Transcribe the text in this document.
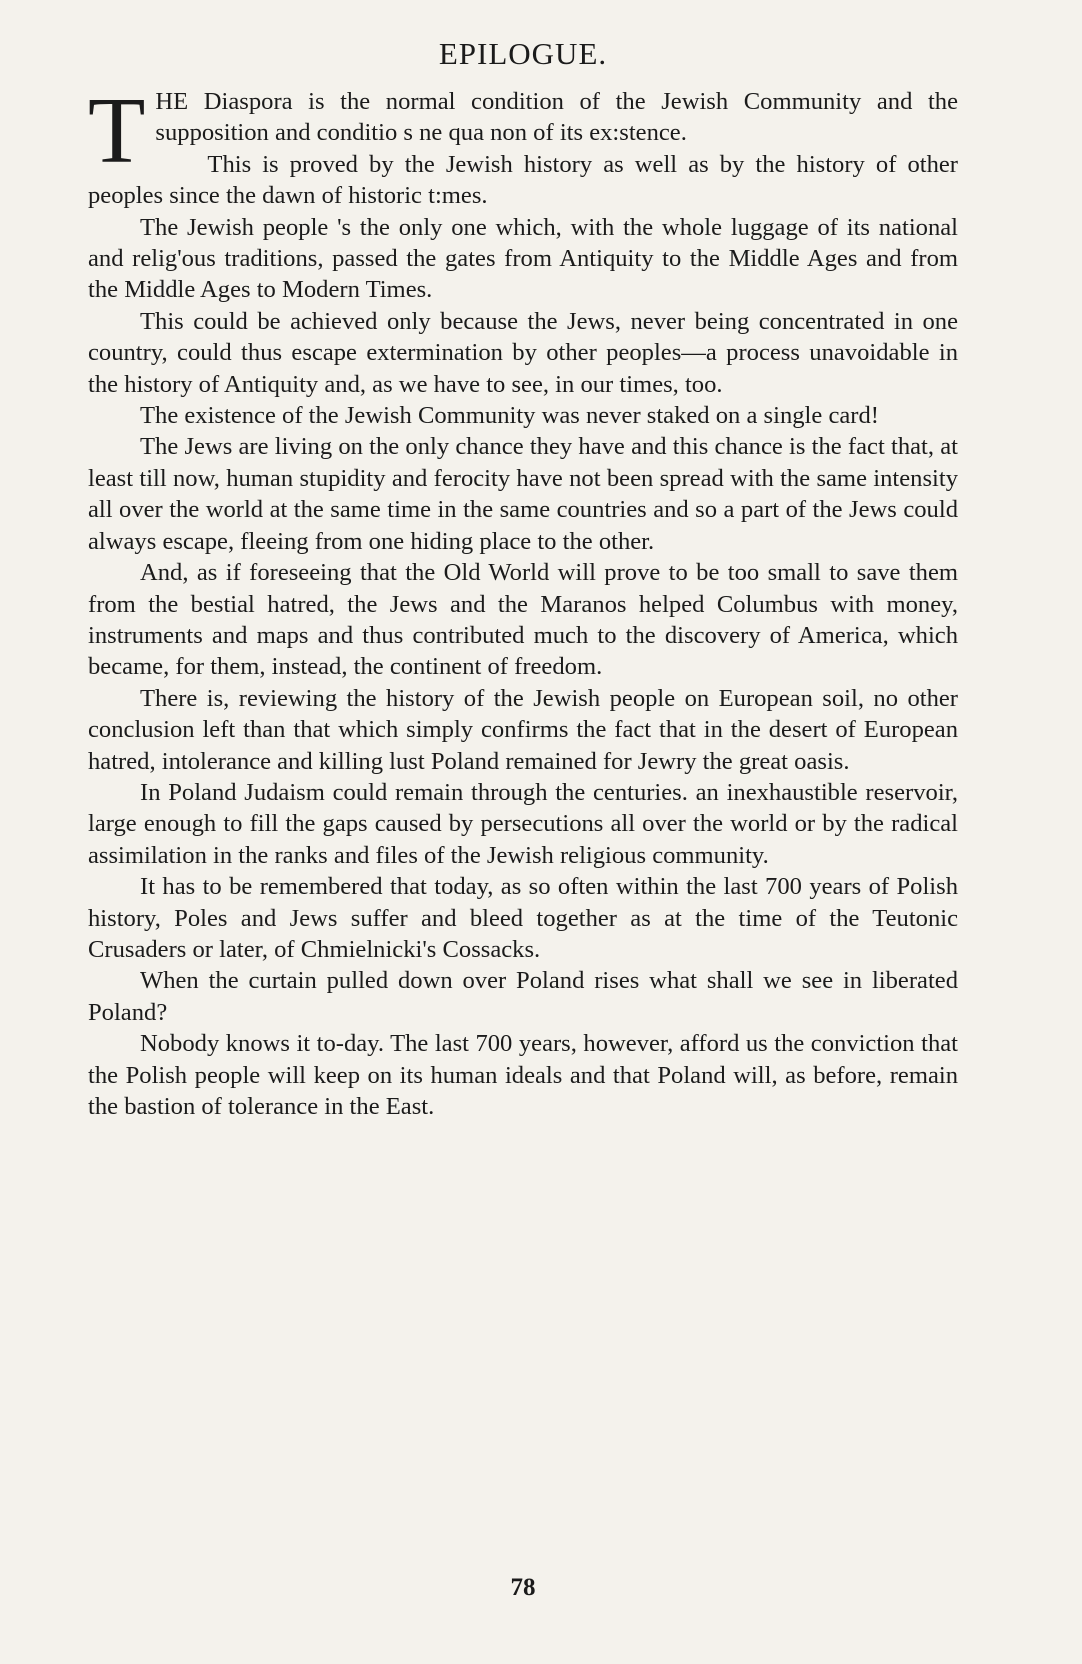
EPILOGUE.

THE Diaspora is the normal condition of the Jewish Community and the supposition and conditio s ne qua non of its ex:stence.

This is proved by the Jewish history as well as by the history of other peoples since the dawn of historic t:mes.

The Jewish people 's the only one which, with the whole luggage of its national and relig'ous traditions, passed the gates from Antiquity to the Middle Ages and from the Middle Ages to Modern Times.

This could be achieved only because the Jews, never being concentrated in one country, could thus escape extermination by other peoples—a process unavoidable in the history of Antiquity and, as we have to see, in our times, too.

The existence of the Jewish Community was never staked on a single card!

The Jews are living on the only chance they have and this chance is the fact that, at least till now, human stupidity and ferocity have not been spread with the same intensity all over the world at the same time in the same countries and so a part of the Jews could always escape, fleeing from one hiding place to the other.

And, as if foreseeing that the Old World will prove to be too small to save them from the bestial hatred, the Jews and the Maranos helped Columbus with money, instruments and maps and thus contributed much to the discovery of America, which became, for them, instead, the continent of freedom.

There is, reviewing the history of the Jewish people on European soil, no other conclusion left than that which simply confirms the fact that in the desert of European hatred, intolerance and killing lust Poland remained for Jewry the great oasis.

In Poland Judaism could remain through the centuries. an inexhaustible reservoir, large enough to fill the gaps caused by persecutions all over the world or by the radical assimilation in the ranks and files of the Jewish religious community.

It has to be remembered that today, as so often within the last 700 years of Polish history, Poles and Jews suffer and bleed together as at the time of the Teutonic Crusaders or later, of Chmielnicki's Cossacks.

When the curtain pulled down over Poland rises what shall we see in liberated Poland?

Nobody knows it to-day. The last 700 years, however, afford us the conviction that the Polish people will keep on its human ideals and that Poland will, as before, remain the bastion of tolerance in the East.

78
